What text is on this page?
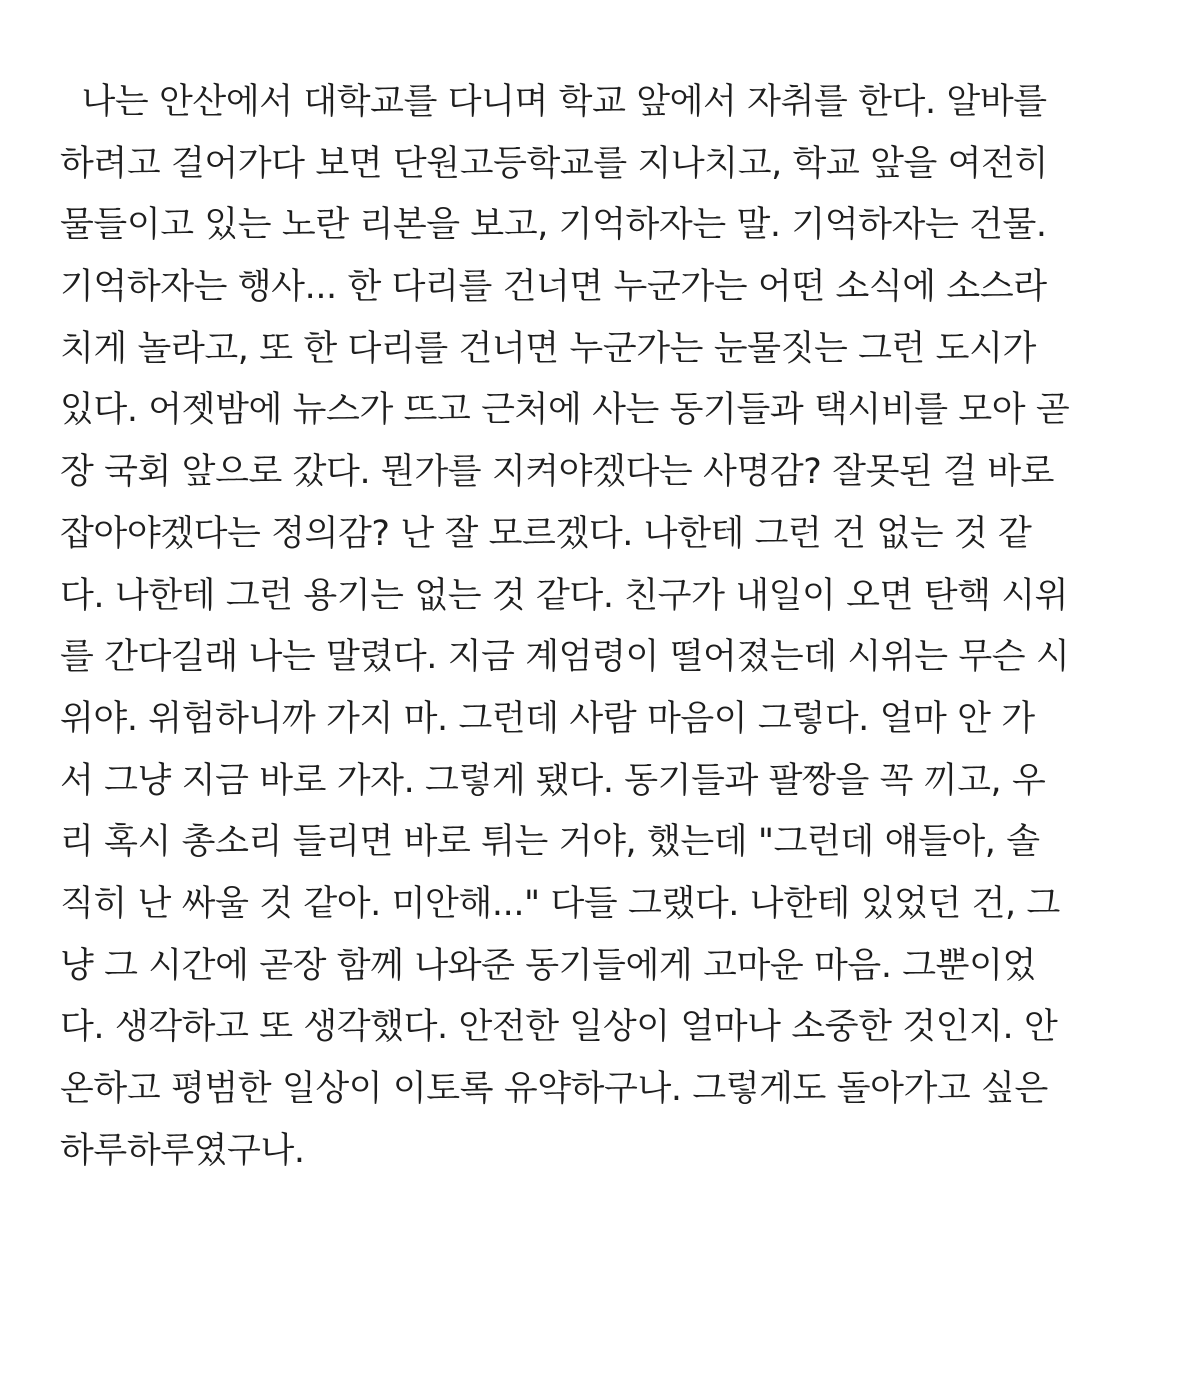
나는 안산에서 대학교를 다니며 학교 앞에서 자취를 한다. 알바를
하려고 걸어가다 보면 단원고등학교를 지나치고, 학교 앞을 여전히
물들이고 있는 노란 리본을 보고, 기억하자는 말. 기억하자는 건물.
기억하자는 행사... 한 다리를 건너면 누군가는 어떤 소식에 소스라
치게 놀라고, 또 한 다리를 건너면 누군가는 눈물짓는 그런 도시가
있다. 어젯밤에 뉴스가 뜨고 근처에 사는 동기들과 택시비를 모아 곧
장 국회 앞으로 갔다. 뭔가를 지켜야겠다는 사명감? 잘못된 걸 바로
잡아야겠다는 정의감? 난 잘 모르겠다. 나한테 그런 건 없는 것 같
다. 나한테 그런 용기는 없는 것 같다. 친구가 내일이 오면 탄핵 시위
를 간다길래 나는 말렸다. 지금 계엄령이 떨어졌는데 시위는 무슨 시
위야. 위험하니까 가지 마. 그런데 사람 마음이 그렇다. 얼마 안 가
서 그냥 지금 바로 가자. 그렇게 됐다. 동기들과 팔짱을 꼭 끼고, 우
리 혹시 총소리 들리면 바로 튀는 거야, 했는데 "그런데 얘들아, 솔
직히 난 싸울 것 같아. 미안해..." 다들 그랬다. 나한테 있었던 건, 그
냥 그 시간에 곧장 함께 나와준 동기들에게 고마운 마음. 그뿐이었
다. 생각하고 또 생각했다. 안전한 일상이 얼마나 소중한 것인지. 안
온하고 평범한 일상이 이토록 유약하구나. 그렇게도 돌아가고 싶은
하루하루였구나.
